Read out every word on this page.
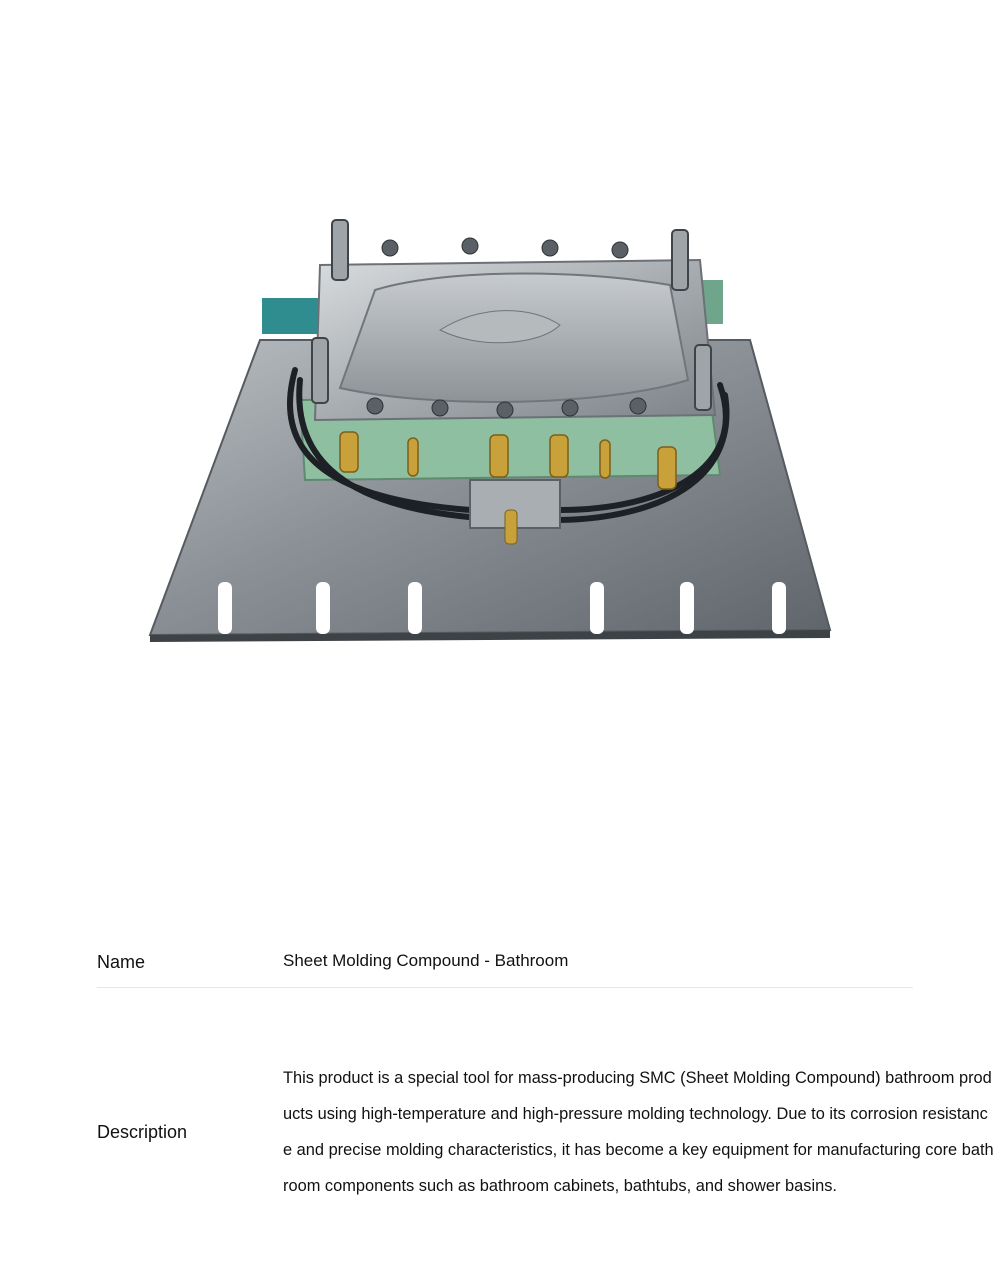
Name	Sheet Molding Compound - Bathroom
Description
This product is a special tool for mass-producing SMC (Sheet Molding Compound) bathroom products using high-temperature and high-pressure molding technology. Due to its corrosion resistance and precise molding characteristics, it has become a key equipment for manufacturing core bathroom components such as bathroom cabinets, bathtubs, and shower basins.
